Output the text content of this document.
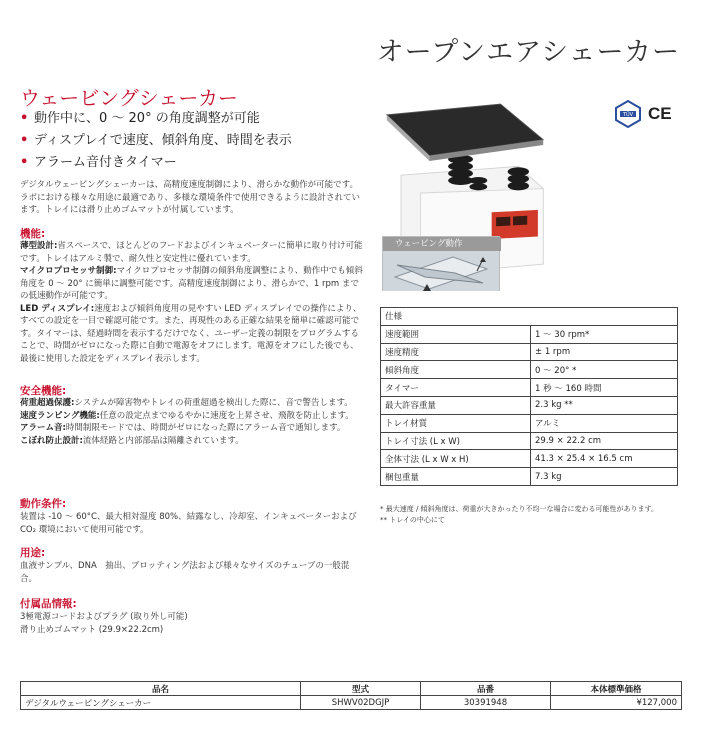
オープンエアシェーカー
ウェービングシェーカー
• 動作中に、0 ～ 20° の角度調整が可能
• ディスプレイで速度、傾斜角度、時間を表示
• アラーム音付きタイマー
デジタルウェービングシェーカーは、高精度速度制御により、滑らかな動作が可能です。ラボにおける様々な用途に最適であり、多様な環境条件で使用できるように設計されています。トレイには滑り止めゴムマットが付属しています。
機能:

薄型設計:省スペースで、ほとんどのフードおよびインキュベーターに簡単に取り付け可能です。トレイはアルミ製で、耐久性と安定性に優れています。

マイクロプロセッサ制御:マイクロプロセッサ制御の傾斜角度調整により、動作中でも傾斜角度を 0 ～ 20° に簡単に調整可能です。高精度速度制御により、滑らかで、1 rpm までの低速動作が可能です。

LED ディスプレイ:速度および傾斜角度用の見やすい LED ディスプレイでの操作により、すべての設定を一目で確認可能です。また、再現性のある正確な結果を簡単に確認可能です。タイマーは、経過時間を表示するだけでなく、ユーザー定義の制限をプログラムすることで、時間がゼロになった際に自動で電源をオフにします。電源をオフにした後でも、最後に使用した設定をディスプレイ表示します。

安全機能:

荷重超過保護:システムが障害物やトレイの荷重超過を検出した際に、音で警告します。

速度ランピング機能:任意の設定点までゆるやかに速度を上昇させ、飛散を防止します。

アラーム音:時間制限モードでは、時間がゼロになった際にアラーム音で通知します。

こぼれ防止設計:流体経路と内部部品は隔離されています。

動作条件:
装置は -10 ～ 60°C、最大相対湿度 80%、結露なし、冷却室、インキュベーターおよび CO₂ 環境において使用可能です。
用途:
血液サンプル、DNA　抽出、ブロッティング法および様々なサイズのチューブの一般混合。
付属品情報:

3極電源コードおよびプラグ (取り外し可能)

滑り止めゴムマット (29.9×22.2cm)

TÜV CE
ウェービング動作
仕様	
速度範囲	1 ～ 30 rpm*
速度精度	± 1 rpm
傾斜角度	0 ～ 20° *
タイマー	1 秒 ～ 160 時間
最大許容重量	2.3 kg **
トレイ材質	アルミ
トレイ寸法 (L x W)	29.9 × 22.2 cm
全体寸法 (L x W x H)	41.3 × 25.4 × 16.5 cm
梱包重量	7.3 kg
* 最大速度 / 傾斜角度は、荷重が大きかったり不均一な場合に変わる可能性があります。
** トレイの中心にて
品名	型式	品番	本体標準価格
デジタルウェービングシェーカー	SHWV02DGJP	30391948	¥127,000
